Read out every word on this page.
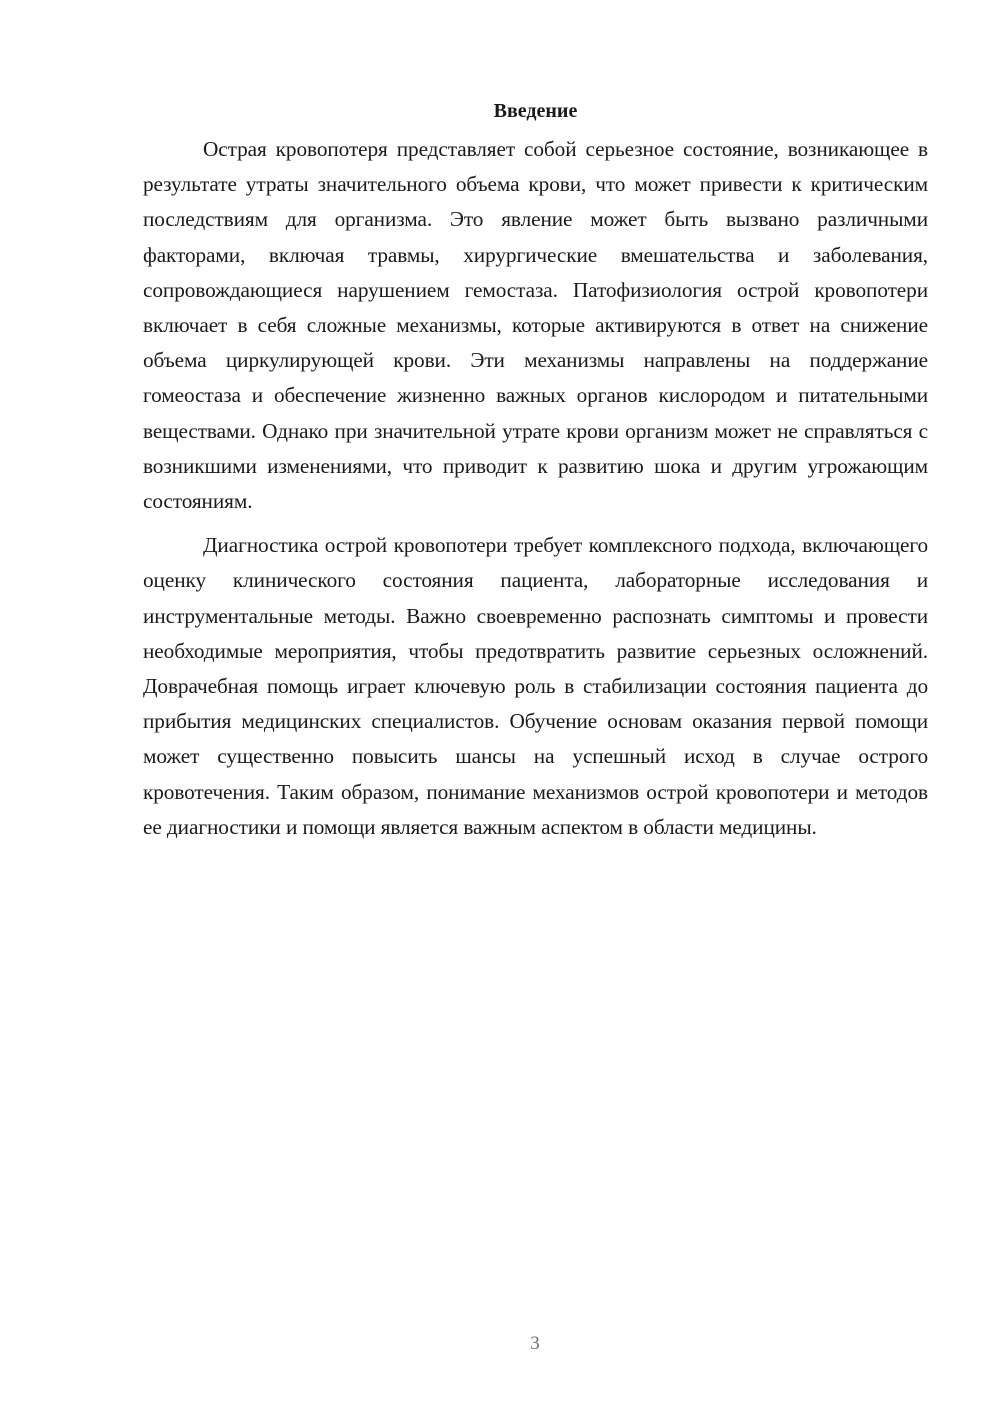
Введение

Острая кровопотеря представляет собой серьезное состояние, возникающее в результате утраты значительного объема крови, что может привести к критическим последствиям для организма. Это явление может быть вызвано различными факторами, включая травмы, хирургические вмешательства и заболевания, сопровождающиеся нарушением гемостаза. Патофизиология острой кровопотери включает в себя сложные механизмы, которые активируются в ответ на снижение объема циркулирующей крови. Эти механизмы направлены на поддержание гомеостаза и обеспечение жизненно важных органов кислородом и питательными веществами. Однако при значительной утрате крови организм может не справляться с возникшими изменениями, что приводит к развитию шока и другим угрожающим состояниям.

Диагностика острой кровопотери требует комплексного подхода, включающего оценку клинического состояния пациента, лабораторные исследования и инструментальные методы. Важно своевременно распознать симптомы и провести необходимые мероприятия, чтобы предотвратить развитие серьезных осложнений. Доврачебная помощь играет ключевую роль в стабилизации состояния пациента до прибытия медицинских специалистов. Обучение основам оказания первой помощи может существенно повысить шансы на успешный исход в случае острого кровотечения. Таким образом, понимание механизмов острой кровопотери и методов ее диагностики и помощи является важным аспектом в области медицины.

3
